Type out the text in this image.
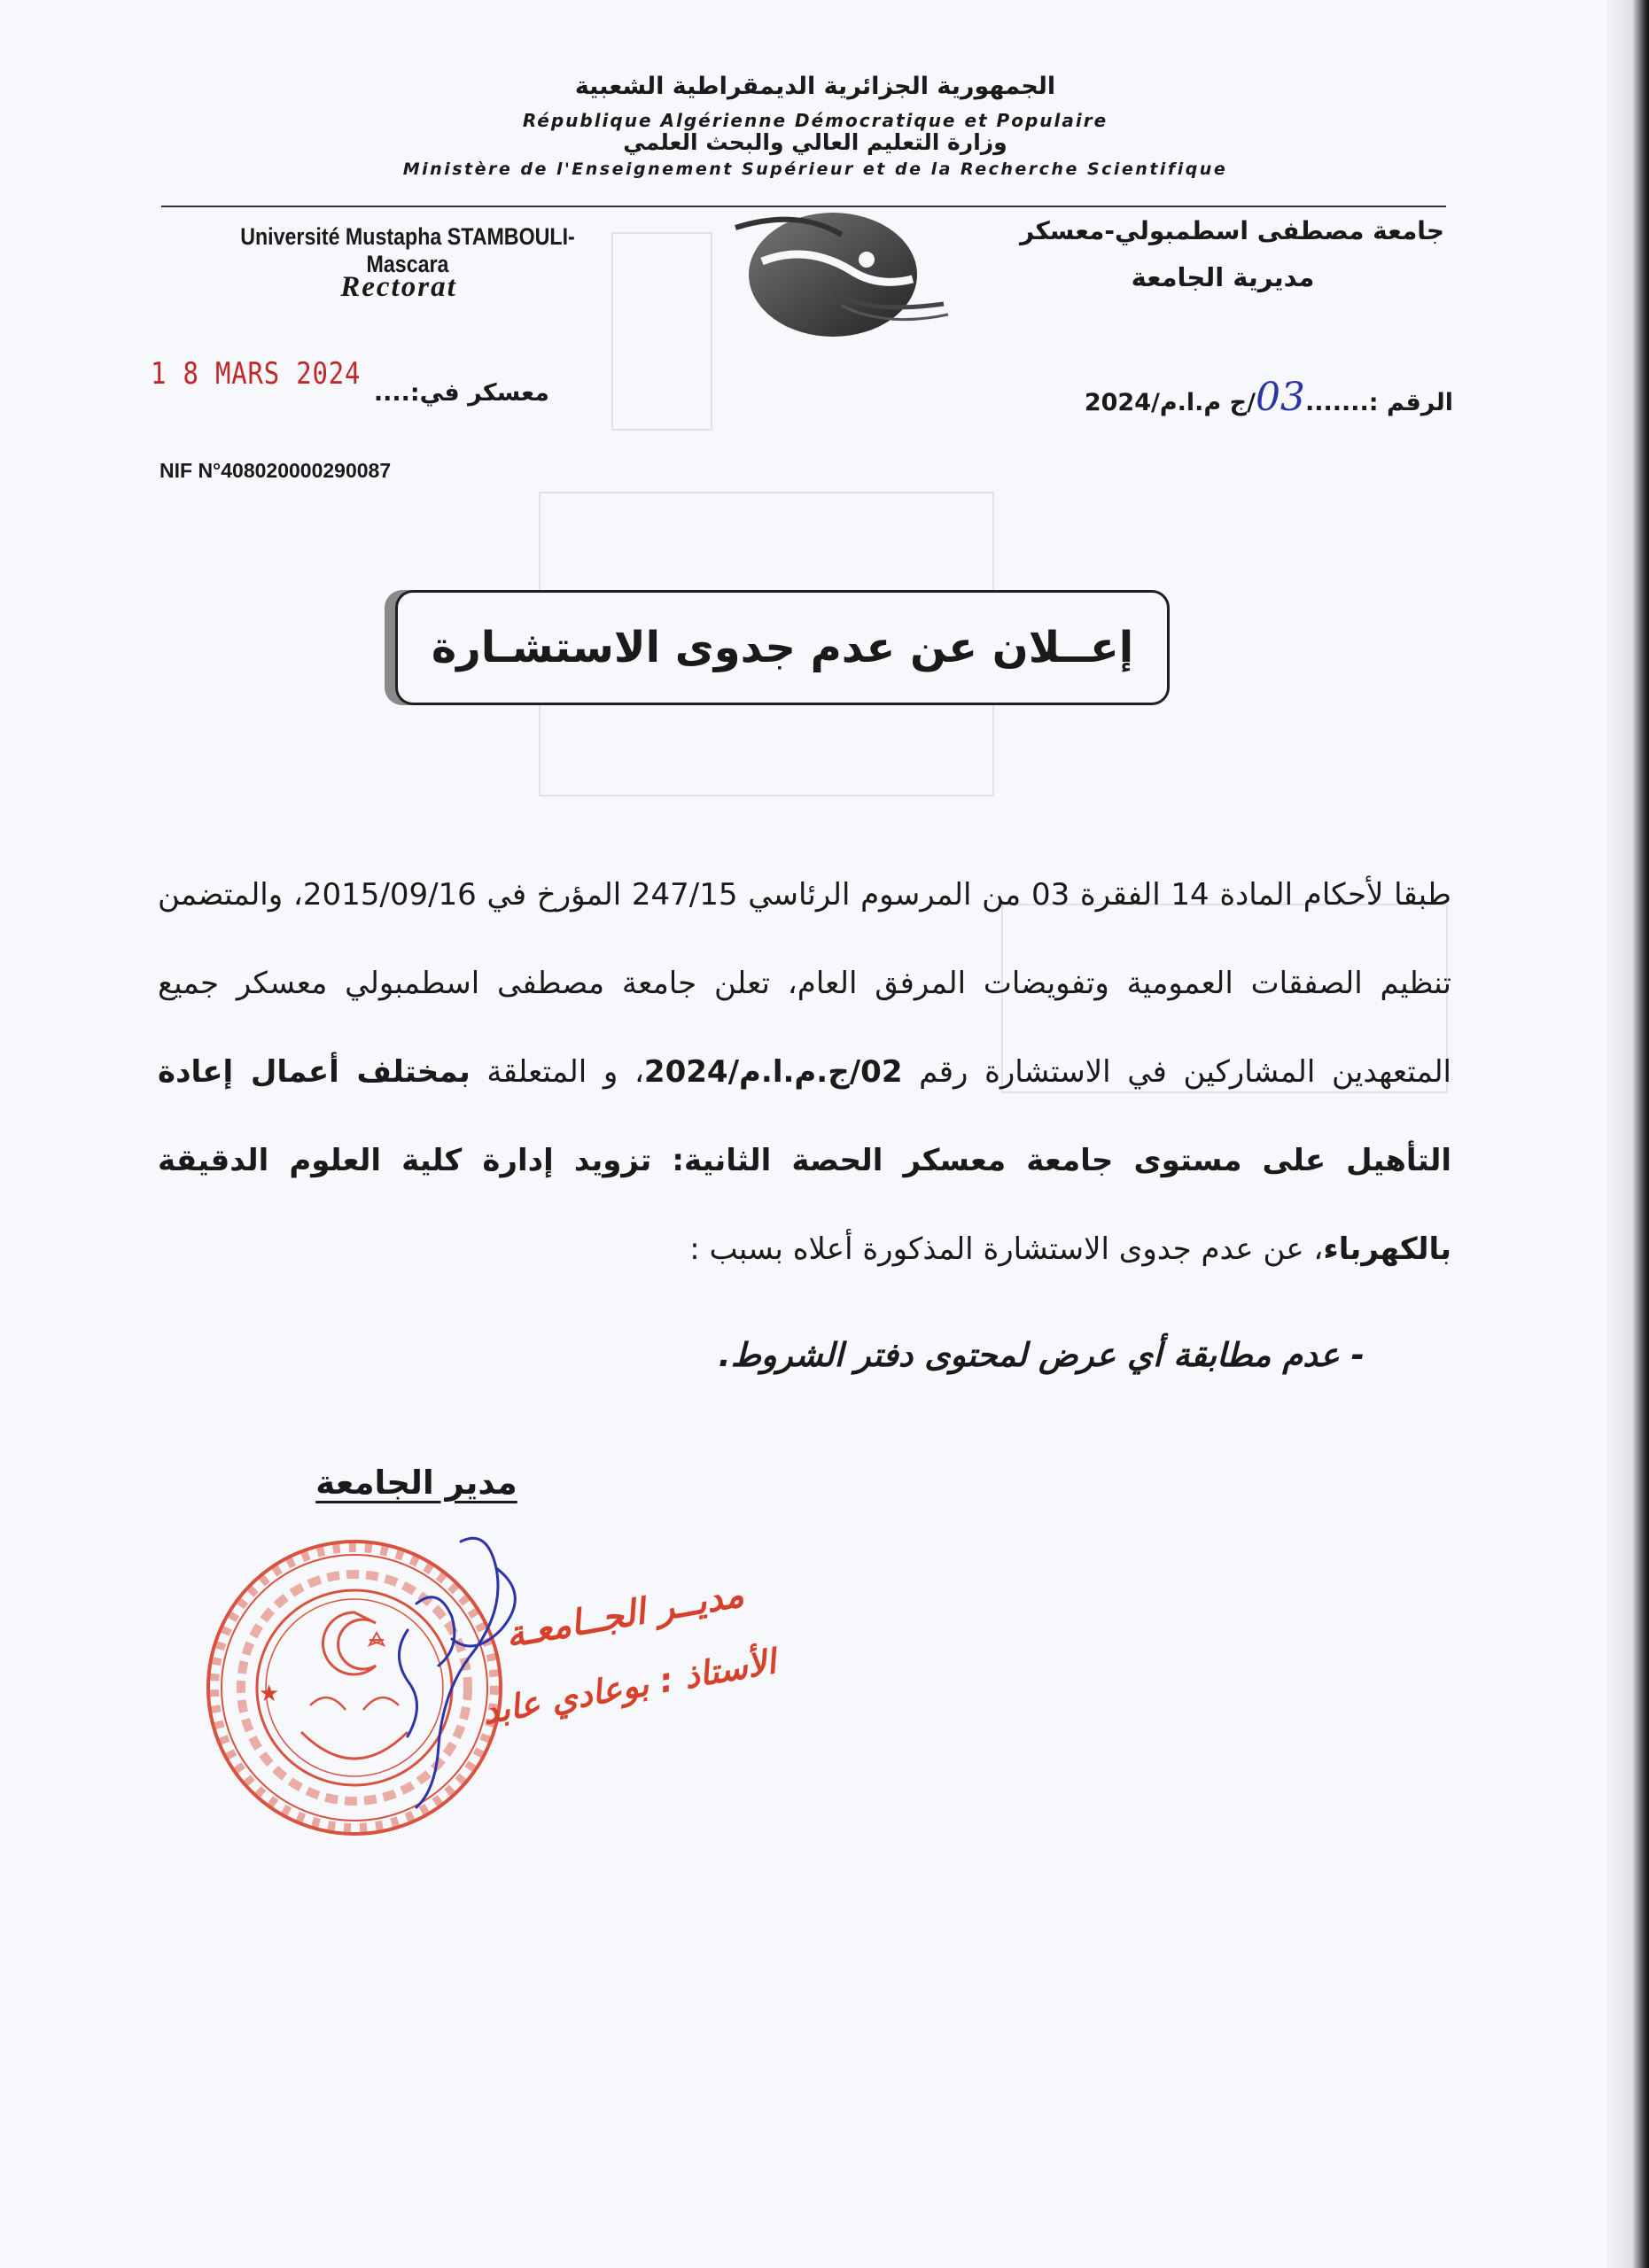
الجمهورية الجزائرية الديمقراطية الشعبية
République Algérienne Démocratique et Populaire
وزارة التعليم العالي والبحث العلمي
Ministère de l'Enseignement Supérieur et de la Recherche Scientifique
Université Mustapha STAMBOULI-Mascara
Rectorat
جامعة مصطفى اسطمبولي-معسكر
مديرية الجامعة
الرقم :.......03/ج م.ا.م/2024
معسكر في:....
1 8 MARS 2024
NIF N°408020000290087
إعــلان عن عدم جدوى الاستشـارة
طبقا لأحكام المادة 14 الفقرة 03 من المرسوم الرئاسي 247/15 المؤرخ في 2015/09/16، والمتضمن تنظيم الصفقات العمومية وتفويضات المرفق العام، تعلن جامعة مصطفى اسطمبولي معسكر جميع المتعهدين المشاركين في الاستشارة رقم 02/ج.م.ا.م/2024، و المتعلقة بمختلف أعمال إعادة التأهيل على مستوى جامعة معسكر الحصة الثانية: تزويد إدارة كلية العلوم الدقيقة بالكهرباء، عن عدم جدوى الاستشارة المذكورة أعلاه بسبب :
- عدم مطابقة أي عرض لمحتوى دفتر الشروط.
مدير الجامعة
★
مديــر الجــامعـة
الأستاذ : بوعادي عابد
